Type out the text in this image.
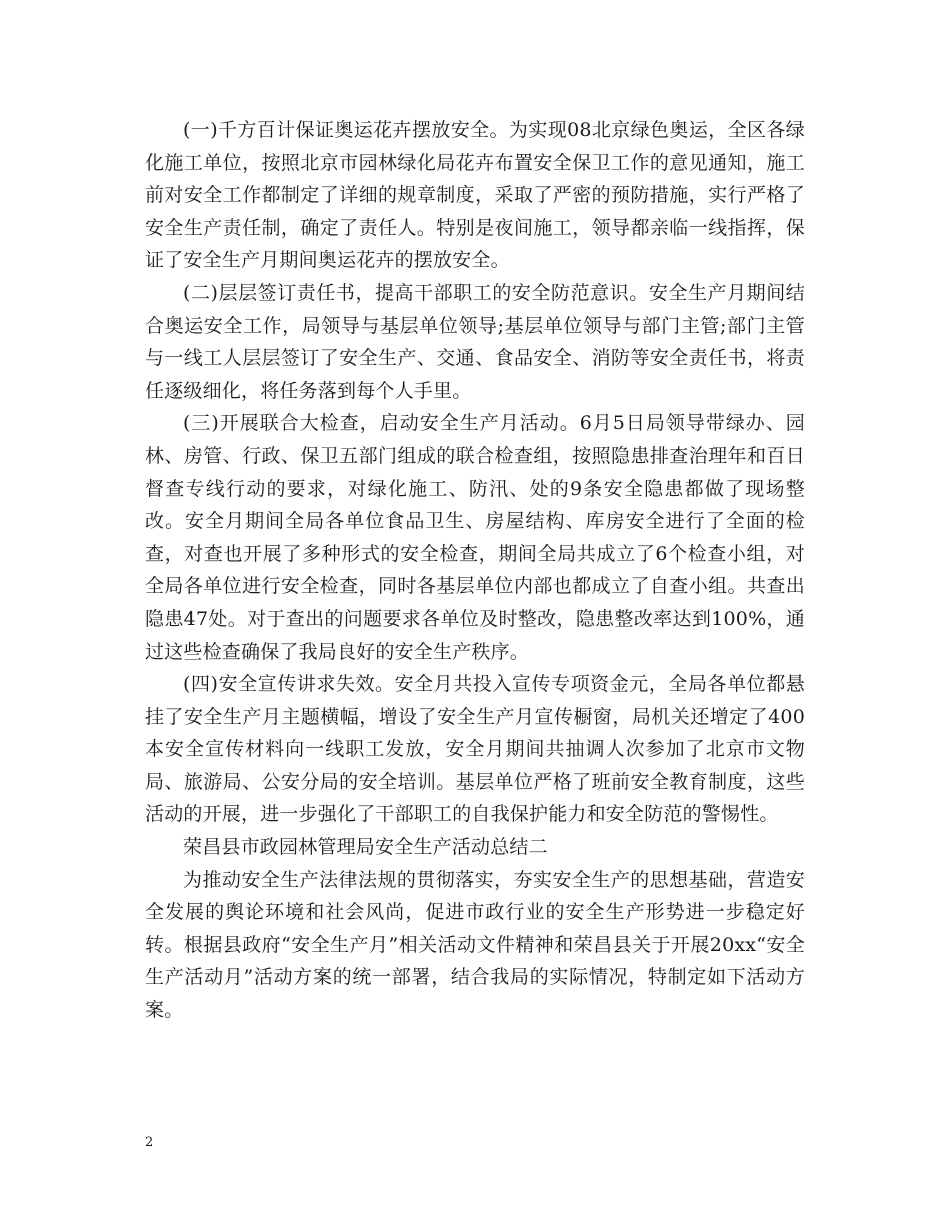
(一)千方百计保证奥运花卉摆放安全。为实现08北京绿色奥运，全区各绿化施工单位，按照北京市园林绿化局花卉布置安全保卫工作的意见通知，施工前对安全工作都制定了详细的规章制度，采取了严密的预防措施，实行严格了安全生产责任制，确定了责任人。特别是夜间施工，领导都亲临一线指挥，保证了安全生产月期间奥运花卉的摆放安全。

(二)层层签订责任书，提高干部职工的安全防范意识。安全生产月期间结合奥运安全工作，局领导与基层单位领导;基层单位领导与部门主管;部门主管与一线工人层层签订了安全生产、交通、食品安全、消防等安全责任书，将责任逐级细化，将任务落到每个人手里。

(三)开展联合大检查，启动安全生产月活动。6月5日局领导带绿办、园林、房管、行政、保卫五部门组成的联合检查组，按照隐患排查治理年和百日督查专线行动的要求，对绿化施工、防汛、处的9条安全隐患都做了现场整改。安全月期间全局各单位食品卫生、房屋结构、库房安全进行了全面的检查，对查也开展了多种形式的安全检查，期间全局共成立了6个检查小组，对全局各单位进行安全检查，同时各基层单位内部也都成立了自查小组。共查出隐患47处。对于查出的问题要求各单位及时整改，隐患整改率达到100%，通过这些检查确保了我局良好的安全生产秩序。

(四)安全宣传讲求失效。安全月共投入宣传专项资金元，全局各单位都悬挂了安全生产月主题横幅，增设了安全生产月宣传橱窗，局机关还增定了400本安全宣传材料向一线职工发放，安全月期间共抽调人次参加了北京市文物局、旅游局、公安分局的安全培训。基层单位严格了班前安全教育制度，这些活动的开展，进一步强化了干部职工的自我保护能力和安全防范的警惕性。

荣昌县市政园林管理局安全生产活动总结二

为推动安全生产法律法规的贯彻落实，夯实安全生产的思想基础，营造安全发展的舆论环境和社会风尚，促进市政行业的安全生产形势进一步稳定好转。根据县政府“安全生产月”相关活动文件精神和荣昌县关于开展20xx“安全生产活动月”活动方案的统一部署，结合我局的实际情况，特制定如下活动方案。

2
